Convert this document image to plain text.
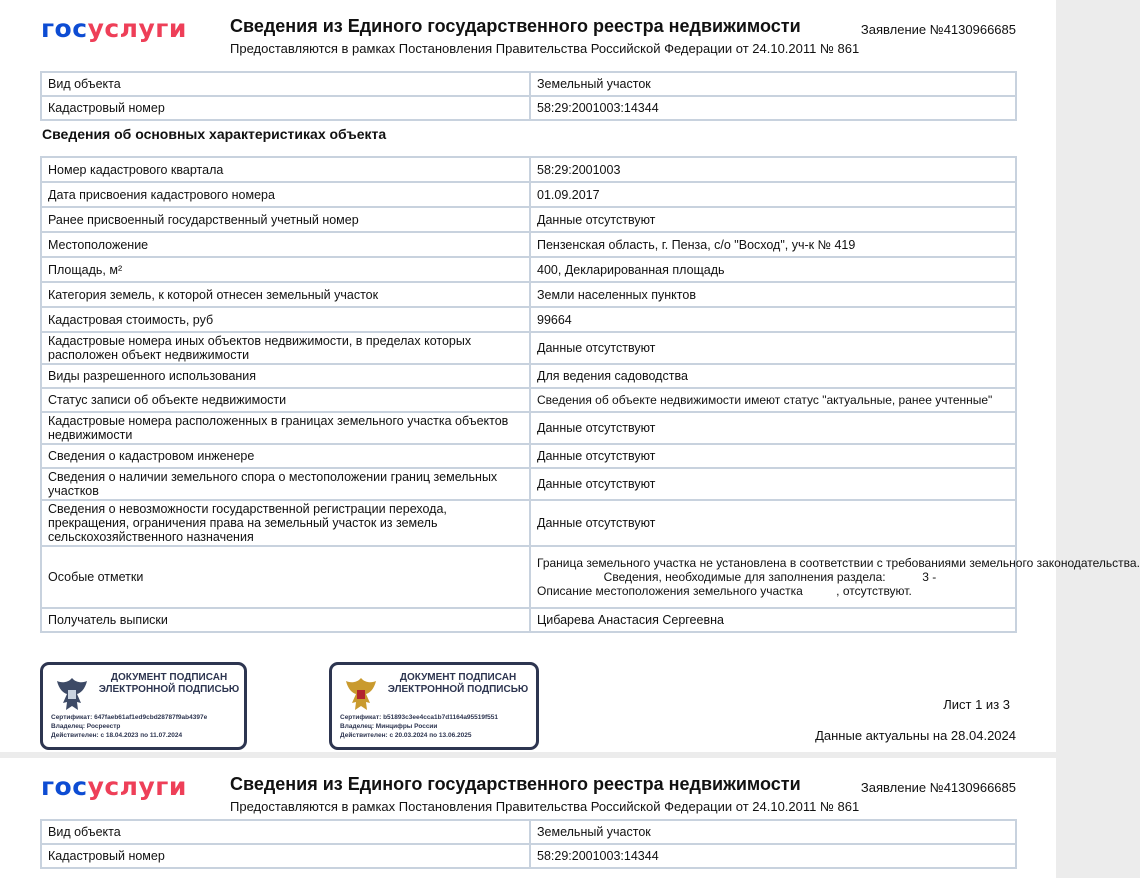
госуслуги Сведения из Единого государственного реестра недвижимости
Предоставляются в рамках Постановления Правительства Российской Федерации от 24.10.2011 № 861
Заявление №4130966685
Вид объекта	Земельный участок
Кадастровый номер	58:29:2001003:14344
Сведения об основных характеристиках объекта
Номер кадастрового квартала	58:29:2001003
Дата присвоения кадастрового номера	01.09.2017
Ранее присвоенный государственный учетный номер	Данные отсутствуют
Местоположение	Пензенская область, г. Пенза, с/о "Восход", уч-к № 419
Площадь, м²	400, Декларированная площадь
Категория земель, к которой отнесен земельный участок	Земли населенных пунктов
Кадастровая стоимость, руб	99664
Кадастровые номера иных объектов недвижимости, в пределах которых расположен объект недвижимости	Данные отсутствуют
Виды разрешенного использования	Для ведения садоводства
Статус записи об объекте недвижимости	Сведения об объекте недвижимости имеют статус "актуальные, ранее учтенные"
Кадастровые номера расположенных в границах земельного участка объектов недвижимости	Данные отсутствуют
Сведения о кадастровом инженере	Данные отсутствуют
Сведения о наличии земельного спора о местоположении границ земельных участков	Данные отсутствуют
Сведения о невозможности государственной регистрации перехода, прекращения, ограничения права на земельный участок из земель сельскохозяйственного назначения	Данные отсутствуют
Особые отметки	Граница земельного участка не установлена в соответствии с требованиями земельного законодательства.
Сведения, необходимые для заполнения раздела:           3 -
Описание местоположения земельного участка          , отсутствуют.
Получатель выписки	Цибарева Анастасия Сергеевна
ДОКУМЕНТ ПОДПИСАН ЭЛЕКТРОННОЙ ПОДПИСЬЮ
Сертификат: 647faeb61af1ed9cbd28787f9ab4397e
Владелец: Росреестр
Действителен: с 18.04.2023 по 11.07.2024
ДОКУМЕНТ ПОДПИСАН ЭЛЕКТРОННОЙ ПОДПИСЬЮ
Сертификат: b51893c3ee4cca1b7d1164a95519f551
Владелец: Минцифры России
Действителен: с 20.03.2024 по 13.06.2025
Лист 1 из 3
Данные актуальны на 28.04.2024
госуслуги Сведения из Единого государственного реестра недвижимости
Предоставляются в рамках Постановления Правительства Российской Федерации от 24.10.2011 № 861
Заявление №4130966685
Вид объекта	Земельный участок
Кадастровый номер	58:29:2001003:14344
